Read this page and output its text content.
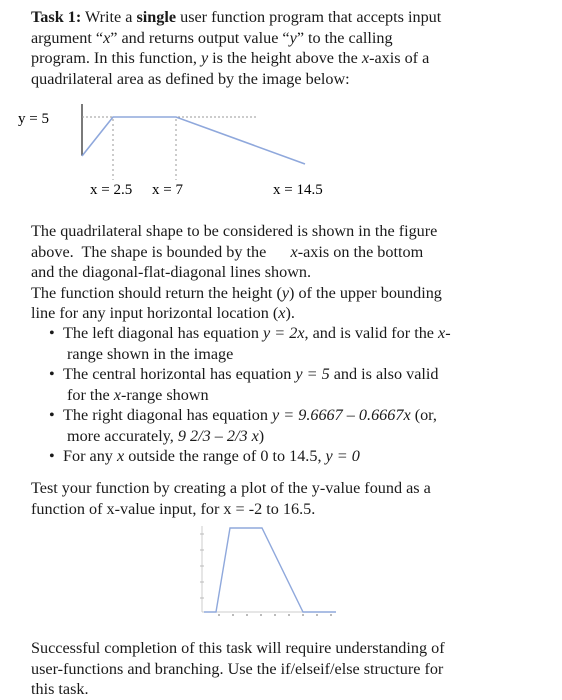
Task 1: Write a single user function program that accepts input
argument “x” and returns output value “y” to the calling
program. In this function, y is the height above the x-axis of a
quadrilateral area as defined by the image below:
y = 5
x = 2.5 x = 7	x = 14.5
The quadrilateral shape to be considered is shown in the figure
above.  The shape is bounded by the      x-axis on the bottom
and the diagonal-flat-diagonal lines shown.
The function should return the height (y) of the upper bounding
line for any input horizontal location (x).
• The left diagonal has equation y = 2x, and is valid for the x-
range shown in the image
• The central horizontal has equation y = 5 and is also valid
for the x-range shown
• The right diagonal has equation y = 9.6667 – 0.6667x (or,
more accurately, 9 2/3 – 2/3 x)
• For any x outside the range of 0 to 14.5, y = 0
Test your function by creating a plot of the y-value found as a
function of x-value input, for x = -2 to 16.5.
Successful completion of this task will require understanding of
user-functions and branching. Use the if/elseif/else structure for
this task.
